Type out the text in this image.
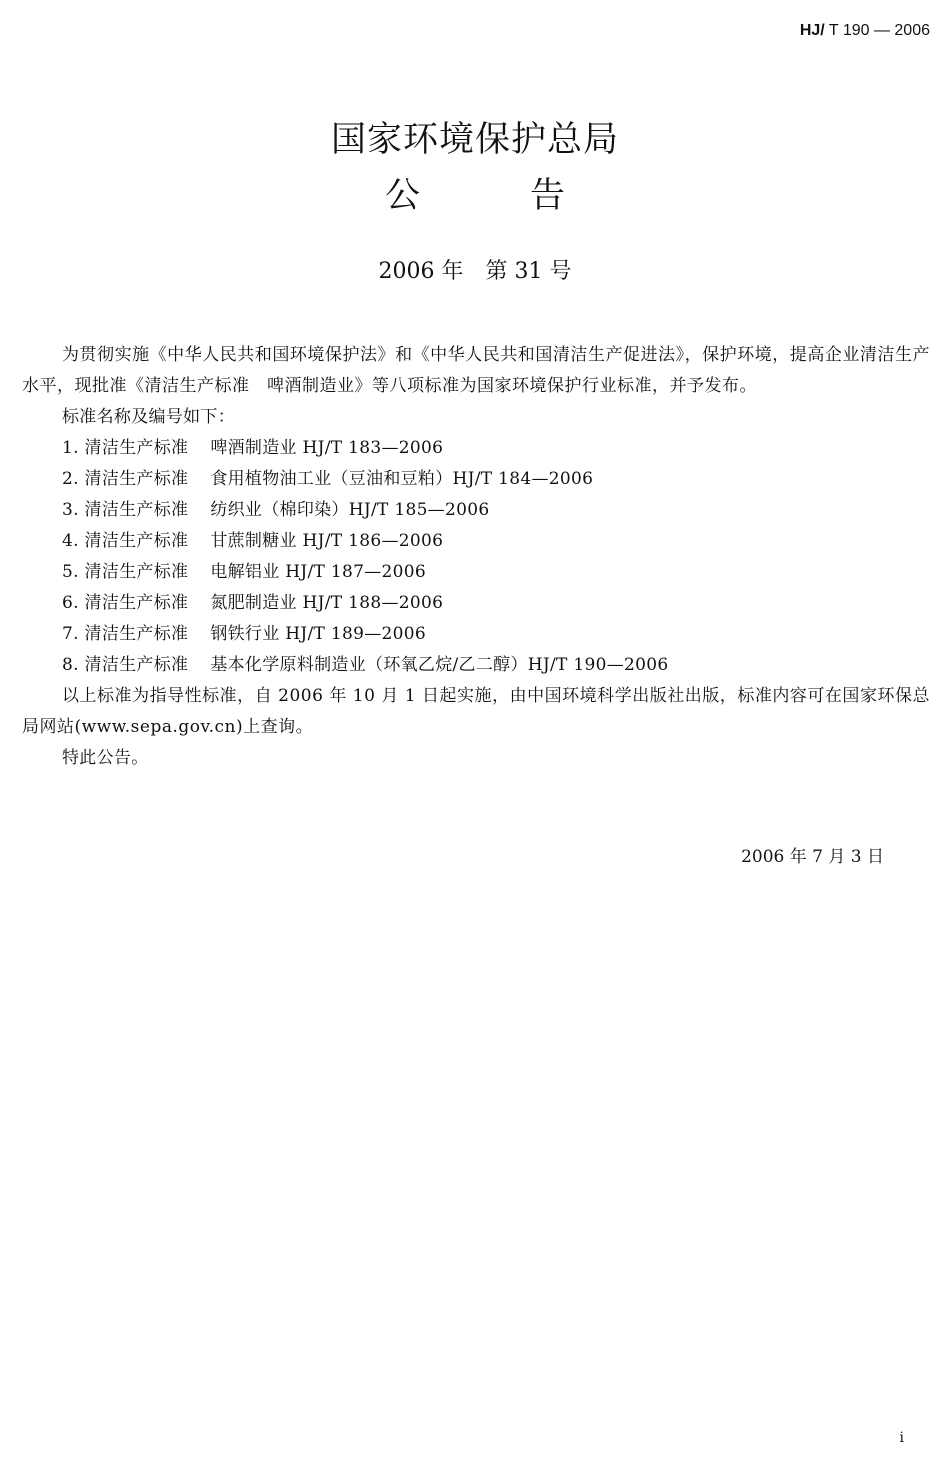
HJ/ T 190 — 2006
国家环境保护总局
公	告
2006 年　第 31 号

为贯彻实施《中华人民共和国环境保护法》和《中华人民共和国清洁生产促进法》，保护环境，提高企业清洁生产水平，现批准《清洁生产标准　啤酒制造业》等八项标准为国家环境保护行业标准，并予发布。

标准名称及编号如下：

1. 清洁生产标准 啤酒制造业 HJ/T 183—2006

2. 清洁生产标准 食用植物油工业（豆油和豆粕）HJ/T 184—2006

3. 清洁生产标准 纺织业（棉印染）HJ/T 185—2006

4. 清洁生产标准 甘蔗制糖业 HJ/T 186—2006

5. 清洁生产标准 电解铝业 HJ/T 187—2006

6. 清洁生产标准 氮肥制造业 HJ/T 188—2006

7. 清洁生产标准 钢铁行业 HJ/T 189—2006

8. 清洁生产标准 基本化学原料制造业（环氧乙烷/乙二醇）HJ/T 190—2006

以上标准为指导性标准，自 2006 年 10 月 1 日起实施，由中国环境科学出版社出版，标准内容可在国家环保总局网站(www.sepa.gov.cn)上查询。

特此公告。

2006 年 7 月 3 日
i
